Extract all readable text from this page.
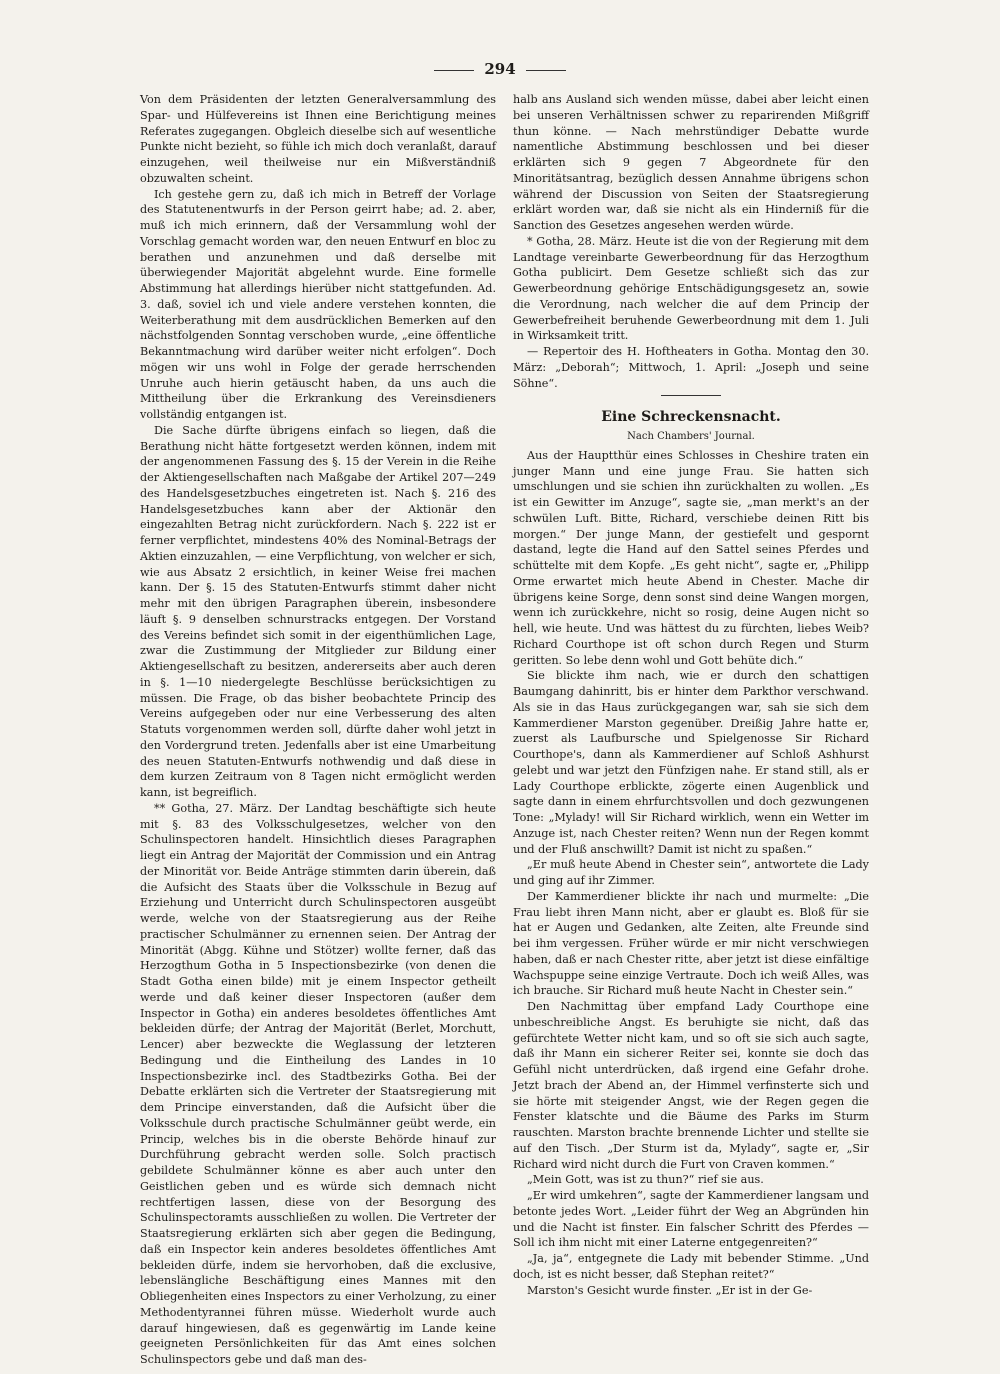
294

Von dem Präsidenten der letzten Generalversammlung des Spar- und Hülfevereins ist Ihnen eine Berichtigung meines Referates zugegangen. Obgleich dieselbe sich auf wesentliche Punkte nicht bezieht, so fühle ich mich doch veranlaßt, darauf einzugehen, weil theilweise nur ein Mißverständniß obzuwalten scheint.

Ich gestehe gern zu, daß ich mich in Betreff der Vorlage des Statutenentwurfs in der Person geirrt habe; ad. 2. aber, muß ich mich erinnern, daß der Versammlung wohl der Vorschlag gemacht worden war, den neuen Entwurf en bloc zu berathen und anzunehmen und daß derselbe mit überwiegender Majorität abgelehnt wurde. Eine formelle Abstimmung hat allerdings hierüber nicht stattgefunden. Ad. 3. daß, soviel ich und viele andere verstehen konnten, die Weiterberathung mit dem ausdrücklichen Bemerken auf den nächstfolgenden Sonntag verschoben wurde, „eine öffentliche Bekanntmachung wird darüber weiter nicht erfolgen“. Doch mögen wir uns wohl in Folge der gerade herrschenden Unruhe auch hierin getäuscht haben, da uns auch die Mittheilung über die Erkrankung des Vereinsdieners vollständig entgangen ist.

Die Sache dürfte übrigens einfach so liegen, daß die Berathung nicht hätte fortgesetzt werden können, indem mit der angenommenen Fassung des §. 15 der Verein in die Reihe der Aktiengesellschaften nach Maßgabe der Artikel 207—249 des Handelsgesetzbuches eingetreten ist. Nach §. 216 des Handelsgesetzbuches kann aber der Aktionär den eingezahlten Betrag nicht zurückfordern. Nach §. 222 ist er ferner verpflichtet, mindestens 40% des Nominal-Betrags der Aktien einzuzahlen, — eine Verpflichtung, von welcher er sich, wie aus Absatz 2 ersichtlich, in keiner Weise frei machen kann. Der §. 15 des Statuten-Entwurfs stimmt daher nicht mehr mit den übrigen Paragraphen überein, insbesondere läuft §. 9 denselben schnurstracks entgegen. Der Vorstand des Vereins befindet sich somit in der eigenthümlichen Lage, zwar die Zustimmung der Mitglieder zur Bildung einer Aktiengesellschaft zu besitzen, andererseits aber auch deren in §. 1—10 niedergelegte Beschlüsse berücksichtigen zu müssen. Die Frage, ob das bisher beobachtete Princip des Vereins aufgegeben oder nur eine Verbesserung des alten Statuts vorgenommen werden soll, dürfte daher wohl jetzt in den Vordergrund treten. Jedenfalls aber ist eine Umarbeitung des neuen Statuten-Entwurfs nothwendig und daß diese in dem kurzen Zeitraum von 8 Tagen nicht ermöglicht werden kann, ist begreiflich.

** Gotha, 27. März. Der Landtag beschäftigte sich heute mit §. 83 des Volksschulgesetzes, welcher von den Schulinspectoren handelt. Hinsichtlich dieses Paragraphen liegt ein Antrag der Majorität der Commission und ein Antrag der Minorität vor. Beide Anträge stimmten darin überein, daß die Aufsicht des Staats über die Volksschule in Bezug auf Erziehung und Unterricht durch Schulinspectoren ausgeübt werde, welche von der Staatsregierung aus der Reihe practischer Schulmänner zu ernennen seien. Der Antrag der Minorität (Abgg. Kühne und Stötzer) wollte ferner, daß das Herzogthum Gotha in 5 Inspectionsbezirke (von denen die Stadt Gotha einen bilde) mit je einem Inspector getheilt werde und daß keiner dieser Inspectoren (außer dem Inspector in Gotha) ein anderes besoldetes öffentliches Amt bekleiden dürfe; der Antrag der Majorität (Berlet, Morchutt, Lencer) aber bezweckte die Weglassung der letzteren Bedingung und die Eintheilung des Landes in 10 Inspectionsbezirke incl. des Stadtbezirks Gotha. Bei der Debatte erklärten sich die Vertreter der Staatsregierung mit dem Principe einverstanden, daß die Aufsicht über die Volksschule durch practische Schulmänner geübt werde, ein Princip, welches bis in die oberste Behörde hinauf zur Durchführung gebracht werden solle. Solch practisch gebildete Schulmänner könne es aber auch unter den Geistlichen geben und es würde sich demnach nicht rechtfertigen lassen, diese von der Besorgung des Schulinspectoramts ausschließen zu wollen. Die Vertreter der Staatsregierung erklärten sich aber gegen die Bedingung, daß ein Inspector kein anderes besoldetes öffentliches Amt bekleiden dürfe, indem sie hervorhoben, daß die exclusive, lebenslängliche Beschäftigung eines Mannes mit den Obliegenheiten eines Inspectors zu einer Verholzung, zu einer Methodentyrannei führen müsse. Wiederholt wurde auch darauf hingewiesen, daß es gegenwärtig im Lande keine geeigneten Persönlichkeiten für das Amt eines solchen Schulinspectors gebe und daß man des-

halb ans Ausland sich wenden müsse, dabei aber leicht einen bei unseren Verhältnissen schwer zu reparirenden Mißgriff thun könne. — Nach mehrstündiger Debatte wurde namentliche Abstimmung beschlossen und bei dieser erklärten sich 9 gegen 7 Abgeordnete für den Minoritätsantrag, bezüglich dessen Annahme übrigens schon während der Discussion von Seiten der Staatsregierung erklärt worden war, daß sie nicht als ein Hinderniß für die Sanction des Gesetzes angesehen werden würde.

* Gotha, 28. März. Heute ist die von der Regierung mit dem Landtage vereinbarte Gewerbeordnung für das Herzogthum Gotha publicirt. Dem Gesetze schließt sich das zur Gewerbeordnung gehörige Entschädigungsgesetz an, sowie die Verordnung, nach welcher die auf dem Princip der Gewerbefreiheit beruhende Gewerbeordnung mit dem 1. Juli in Wirksamkeit tritt.

— Repertoir des H. Hoftheaters in Gotha. Montag den 30. März: „Deborah“; Mittwoch, 1. April: „Joseph und seine Söhne“.

Eine Schreckensnacht.
Nach Chambers' Journal.

Aus der Hauptthür eines Schlosses in Cheshire traten ein junger Mann und eine junge Frau. Sie hatten sich umschlungen und sie schien ihn zurückhalten zu wollen. „Es ist ein Gewitter im Anzuge“, sagte sie, „man merkt's an der schwülen Luft. Bitte, Richard, verschiebe deinen Ritt bis morgen.“ Der junge Mann, der gestiefelt und gespornt dastand, legte die Hand auf den Sattel seines Pferdes und schüttelte mit dem Kopfe. „Es geht nicht“, sagte er, „Philipp Orme erwartet mich heute Abend in Chester. Mache dir übrigens keine Sorge, denn sonst sind deine Wangen morgen, wenn ich zurückkehre, nicht so rosig, deine Augen nicht so hell, wie heute. Und was hättest du zu fürchten, liebes Weib? Richard Courthope ist oft schon durch Regen und Sturm geritten. So lebe denn wohl und Gott behüte dich.“

Sie blickte ihm nach, wie er durch den schattigen Baumgang dahinritt, bis er hinter dem Parkthor verschwand. Als sie in das Haus zurückgegangen war, sah sie sich dem Kammerdiener Marston gegenüber. Dreißig Jahre hatte er, zuerst als Laufbursche und Spielgenosse Sir Richard Courthope's, dann als Kammerdiener auf Schloß Ashhurst gelebt und war jetzt den Fünfzigen nahe. Er stand still, als er Lady Courthope erblickte, zögerte einen Augenblick und sagte dann in einem ehrfurchtsvollen und doch gezwungenen Tone: „Mylady! will Sir Richard wirklich, wenn ein Wetter im Anzuge ist, nach Chester reiten? Wenn nun der Regen kommt und der Fluß anschwillt? Damit ist nicht zu spaßen.“

„Er muß heute Abend in Chester sein“, antwortete die Lady und ging auf ihr Zimmer.

Der Kammerdiener blickte ihr nach und murmelte: „Die Frau liebt ihren Mann nicht, aber er glaubt es. Bloß für sie hat er Augen und Gedanken, alte Zeiten, alte Freunde sind bei ihm vergessen. Früher würde er mir nicht verschwiegen haben, daß er nach Chester ritte, aber jetzt ist diese einfältige Wachspuppe seine einzige Vertraute. Doch ich weiß Alles, was ich brauche. Sir Richard muß heute Nacht in Chester sein.“

Den Nachmittag über empfand Lady Courthope eine unbeschreibliche Angst. Es beruhigte sie nicht, daß das gefürchtete Wetter nicht kam, und so oft sie sich auch sagte, daß ihr Mann ein sicherer Reiter sei, konnte sie doch das Gefühl nicht unterdrücken, daß irgend eine Gefahr drohe. Jetzt brach der Abend an, der Himmel verfinsterte sich und sie hörte mit steigender Angst, wie der Regen gegen die Fenster klatschte und die Bäume des Parks im Sturm rauschten. Marston brachte brennende Lichter und stellte sie auf den Tisch. „Der Sturm ist da, Mylady“, sagte er, „Sir Richard wird nicht durch die Furt von Craven kommen.“

„Mein Gott, was ist zu thun?“ rief sie aus.

„Er wird umkehren“, sagte der Kammerdiener langsam und betonte jedes Wort. „Leider führt der Weg an Abgründen hin und die Nacht ist finster. Ein falscher Schritt des Pferdes — Soll ich ihm nicht mit einer Laterne entgegenreiten?“

„Ja, ja“, entgegnete die Lady mit bebender Stimme. „Und doch, ist es nicht besser, daß Stephan reitet?“

Marston's Gesicht wurde finster. „Er ist in der Ge-
